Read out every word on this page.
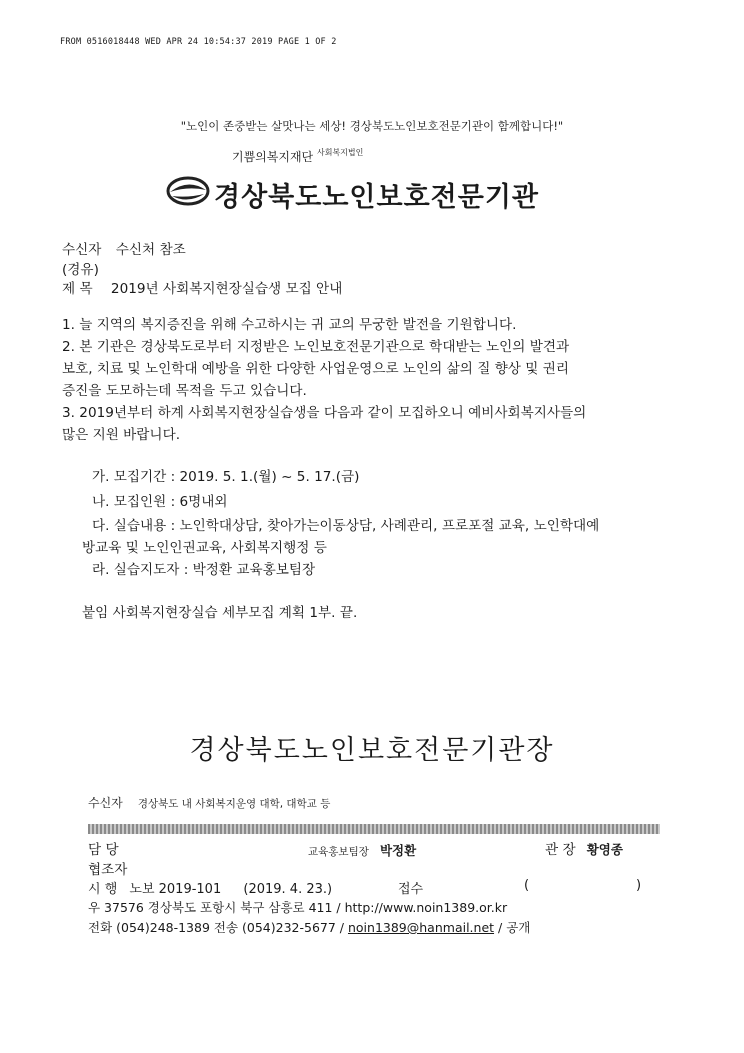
FROM 0516018448 WED APR 24 10:54:37 2019 PAGE 1 OF 2
"노인이 존중받는 살맛나는 세상! 경상북도노인보호전문기관이 함께합니다!"
기쁨의복지재단 $^{사회복지법인}$
경상북도노인보호전문기관
수신자 수신처 참조
(경유)
제 목 2019년 사회복지현장실습생 모집 안내
1. 늘 지역의 복지증진을 위해 수고하시는 귀 교의 무궁한 발전을 기원합니다.
2. 본 기관은 경상북도로부터 지정받은 노인보호전문기관으로 학대받는 노인의 발견과
보호, 치료 및 노인학대 예방을 위한 다양한 사업운영으로 노인의 삶의 질 향상 및 권리
증진을 도모하는데 목적을 두고 있습니다.
3. 2019년부터 하계 사회복지현장실습생을 다음과 같이 모집하오니 예비사회복지사들의
많은 지원 바랍니다.
가. 모집기간 : 2019. 5. 1.(월) ~ 5. 17.(금)
나. 모집인원 : 6명내외
다. 실습내용 : 노인학대상담, 찾아가는이동상담, 사례관리, 프로포절 교육, 노인학대예
방교육 및 노인인권교육, 사회복지행정 등
라. 실습지도자 : 박정환 교육홍보팀장
붙임 사회복지현장실습 세부모집 계획 1부. 끝.
경상북도노인보호전문기관장
수신자 경상북도 내 사회복지운영 대학, 대학교 등
담 당	교육홍보팀장 박정환	관 장 황영종
협조자
시 행 노보 2019-101 (2019. 4. 23.)	접수	(	)
우 37576 경상북도 포항시 북구 삼흥로 411 / http://www.noin1389.or.kr
전화 (054)248-1389 전송 (054)232-5677 / noin1389@hanmail.net / 공개
